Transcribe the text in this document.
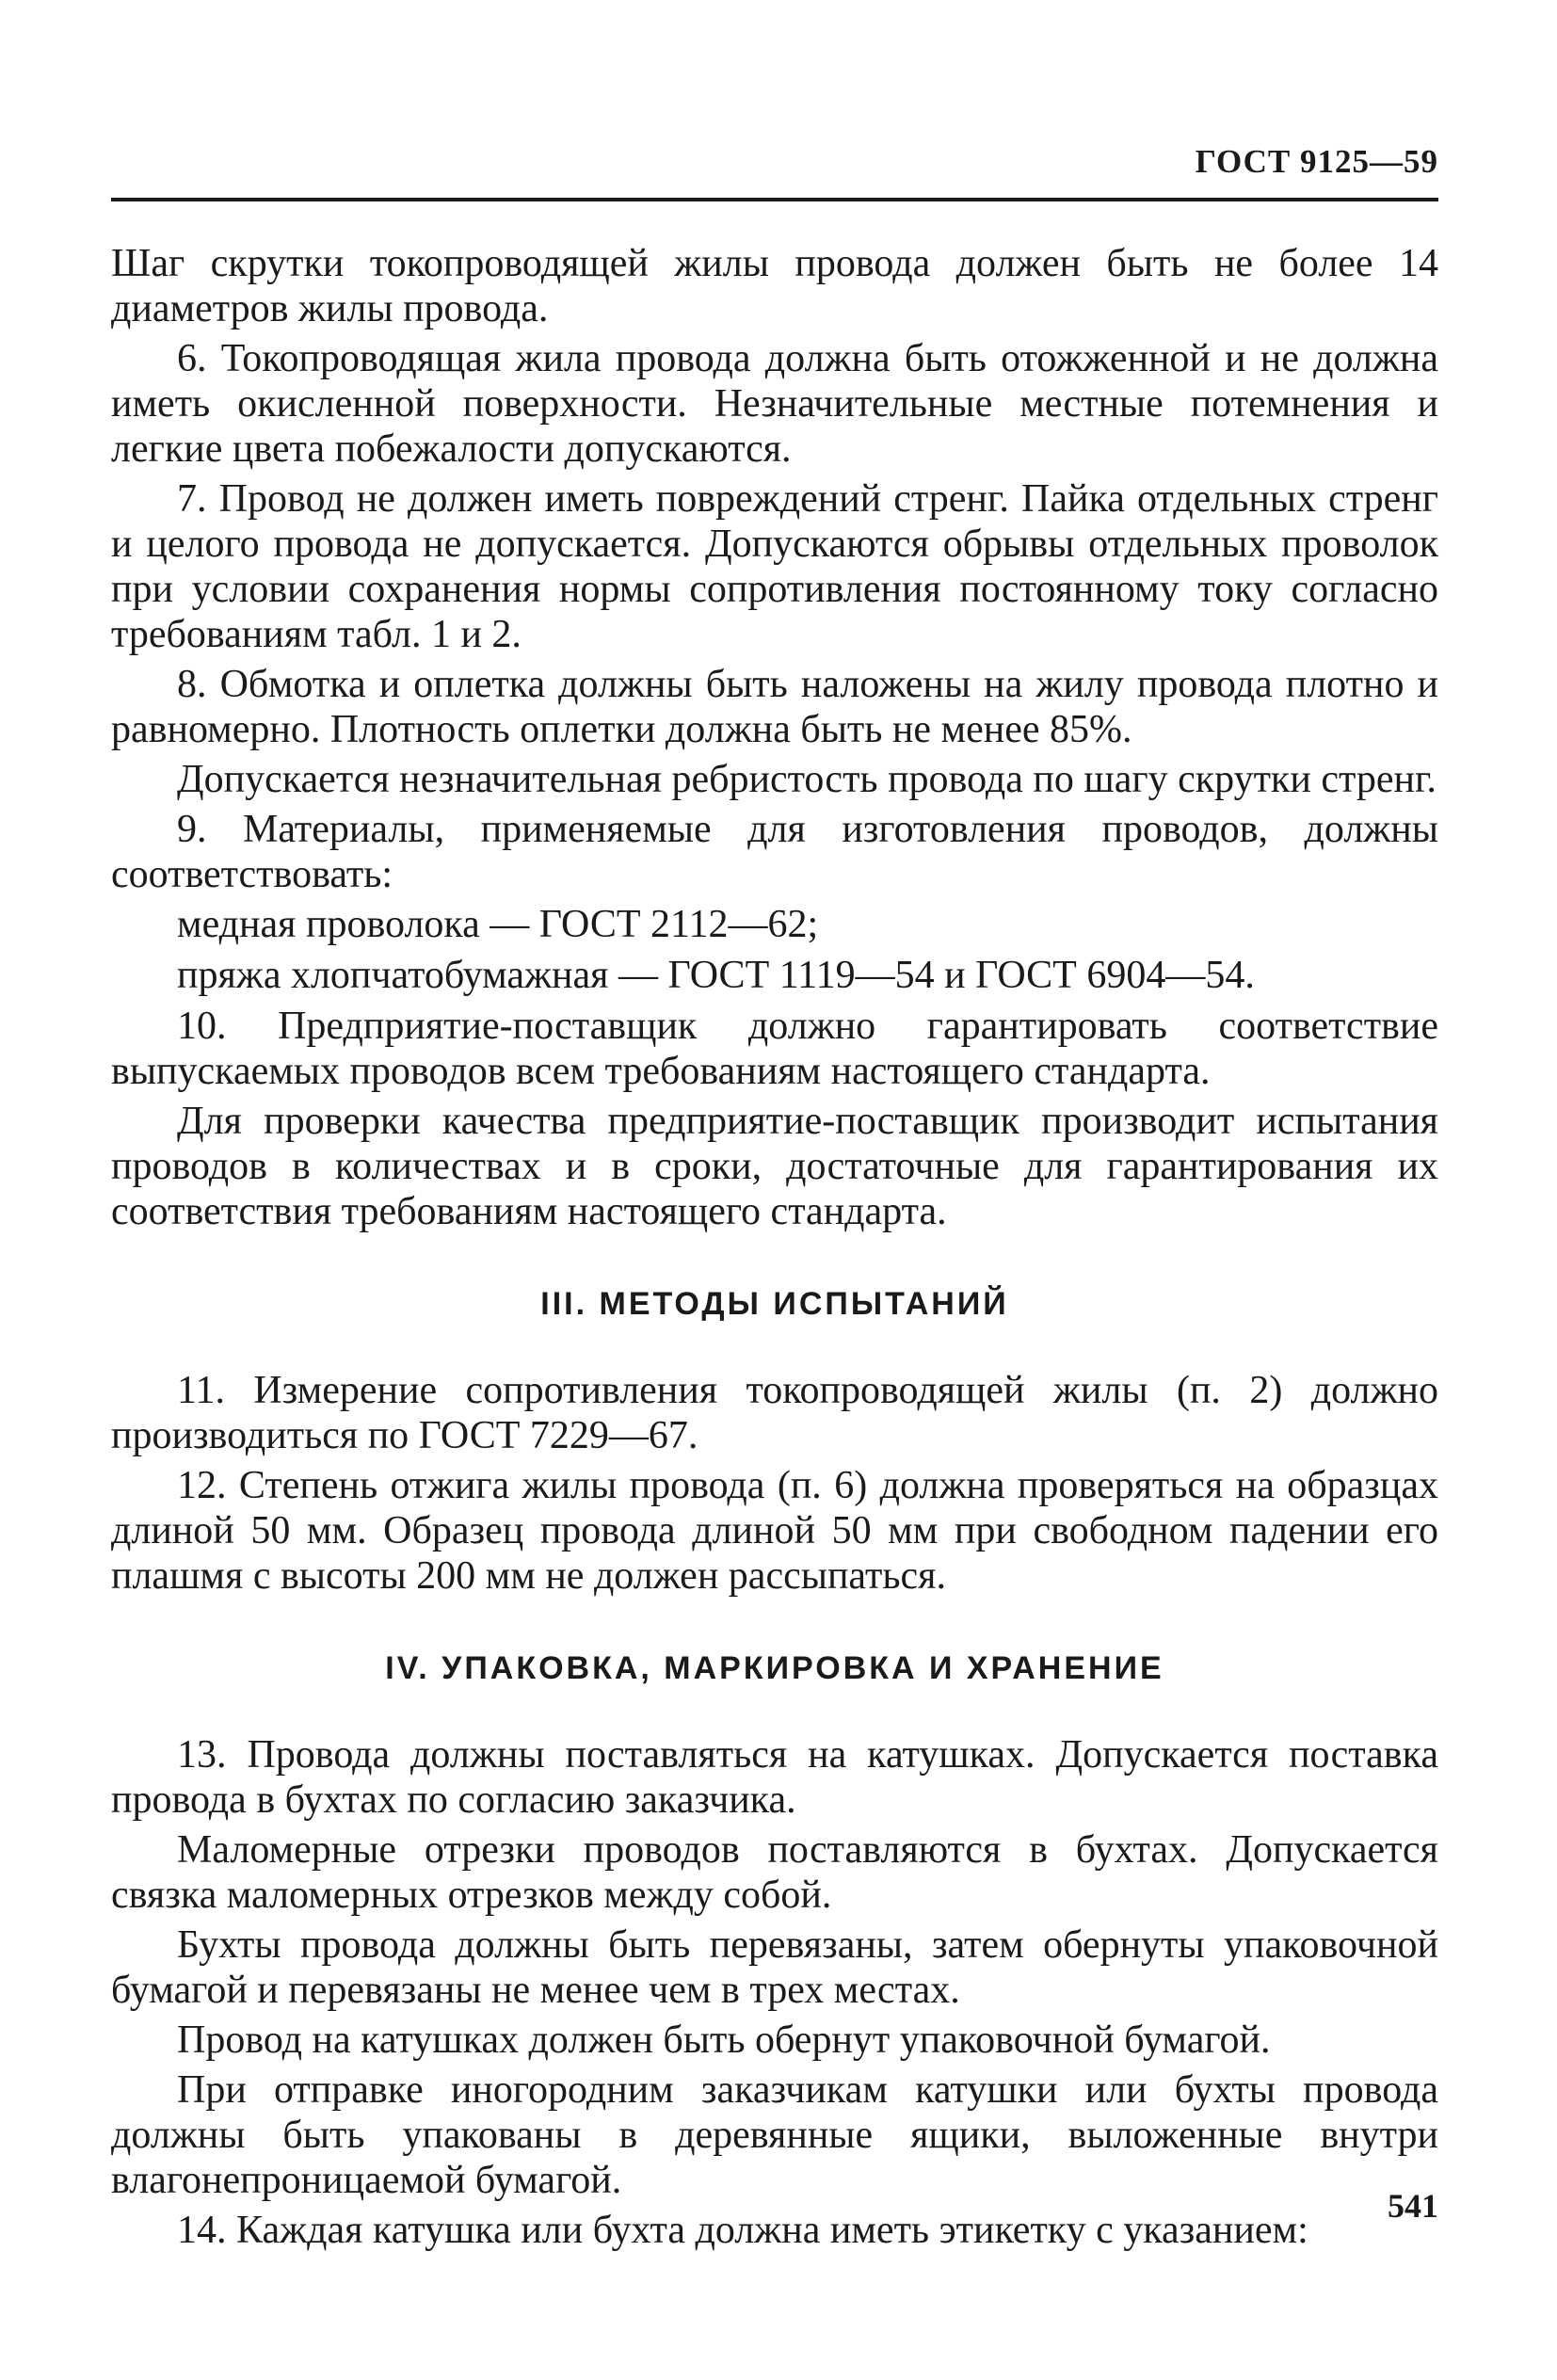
ГОСТ 9125—59

Шаг скрутки токопроводящей жилы провода должен быть не более 14 диаметров жилы провода.

6. Токопроводящая жила провода должна быть отожженной и не должна иметь окисленной поверхности. Незначительные местные потемнения и легкие цвета побежалости допускаются.

7. Провод не должен иметь повреждений стренг. Пайка отдельных стренг и целого провода не допускается. Допускаются обрывы отдельных проволок при условии сохранения нормы сопротивления постоянному току согласно требованиям табл. 1 и 2.

8. Обмотка и оплетка должны быть наложены на жилу провода плотно и равномерно. Плотность оплетки должна быть не менее 85%.

Допускается незначительная ребристость провода по шагу скрутки стренг.

9. Материалы, применяемые для изготовления проводов, должны соответствовать:

медная проволока — ГОСТ 2112—62;

пряжа хлопчатобумажная — ГОСТ 1119—54 и ГОСТ 6904—54.

10. Предприятие-поставщик должно гарантировать соответствие выпускаемых проводов всем требованиям настоящего стандарта.

Для проверки качества предприятие-поставщик производит испытания проводов в количествах и в сроки, достаточные для гарантирования их соответствия требованиям настоящего стандарта.

III. МЕТОДЫ ИСПЫТАНИЙ

11. Измерение сопротивления токопроводящей жилы (п. 2) должно производиться по ГОСТ 7229—67.

12. Степень отжига жилы провода (п. 6) должна проверяться на образцах длиной 50 мм. Образец провода длиной 50 мм при свободном падении его плашмя с высоты 200 мм не должен рассыпаться.

IV. УПАКОВКА, МАРКИРОВКА И ХРАНЕНИЕ

13. Провода должны поставляться на катушках. Допускается поставка провода в бухтах по согласию заказчика.

Маломерные отрезки проводов поставляются в бухтах. Допускается связка маломерных отрезков между собой.

Бухты провода должны быть перевязаны, затем обернуты упаковочной бумагой и перевязаны не менее чем в трех местах.

Провод на катушках должен быть обернут упаковочной бумагой.

При отправке иногородним заказчикам катушки или бухты провода должны быть упакованы в деревянные ящики, выложенные внутри влагонепроницаемой бумагой.

14. Каждая катушка или бухта должна иметь этикетку с указанием:

541
